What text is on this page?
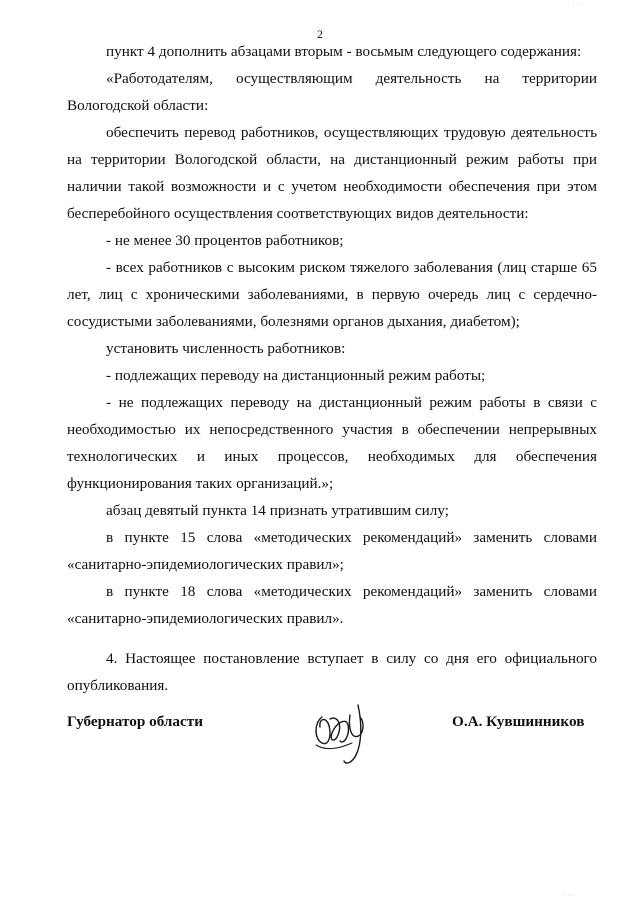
· ·
2

пункт 4 дополнить абзацами вторым - восьмым следующего содержания:

«Работодателям, осуществляющим деятельность на территории Вологодской области:

обеспечить перевод работников, осуществляющих трудовую деятельность на территории Вологодской области, на дистанционный режим работы при наличии такой возможности и с учетом необходимости обеспечения при этом бесперебойного осуществления соответствующих видов деятельности:

- не менее 30 процентов работников;

- всех работников с высоким риском тяжелого заболевания (лиц старше 65 лет, лиц с хроническими заболеваниями, в первую очередь лиц с сердечно-сосудистыми заболеваниями, болезнями органов дыхания, диабетом);

установить численность работников:

- подлежащих переводу на дистанционный режим работы;

- не подлежащих переводу на дистанционный режим работы в связи с необходимостью их непосредственного участия в обеспечении непрерывных технологических и иных процессов, необходимых для обеспечения функционирования таких организаций.»;

абзац девятый пункта 14 признать утратившим силу;

в пункте 15 слова «методических рекомендаций» заменить словами «санитарно-эпидемиологических правил»;

в пункте 18 слова «методических рекомендаций» заменить словами «санитарно-эпидемиологических правил».

4. Настоящее постановление вступает в силу со дня его официального опубликования.

Губернатор области	О.А. Кувшинников
· ··
